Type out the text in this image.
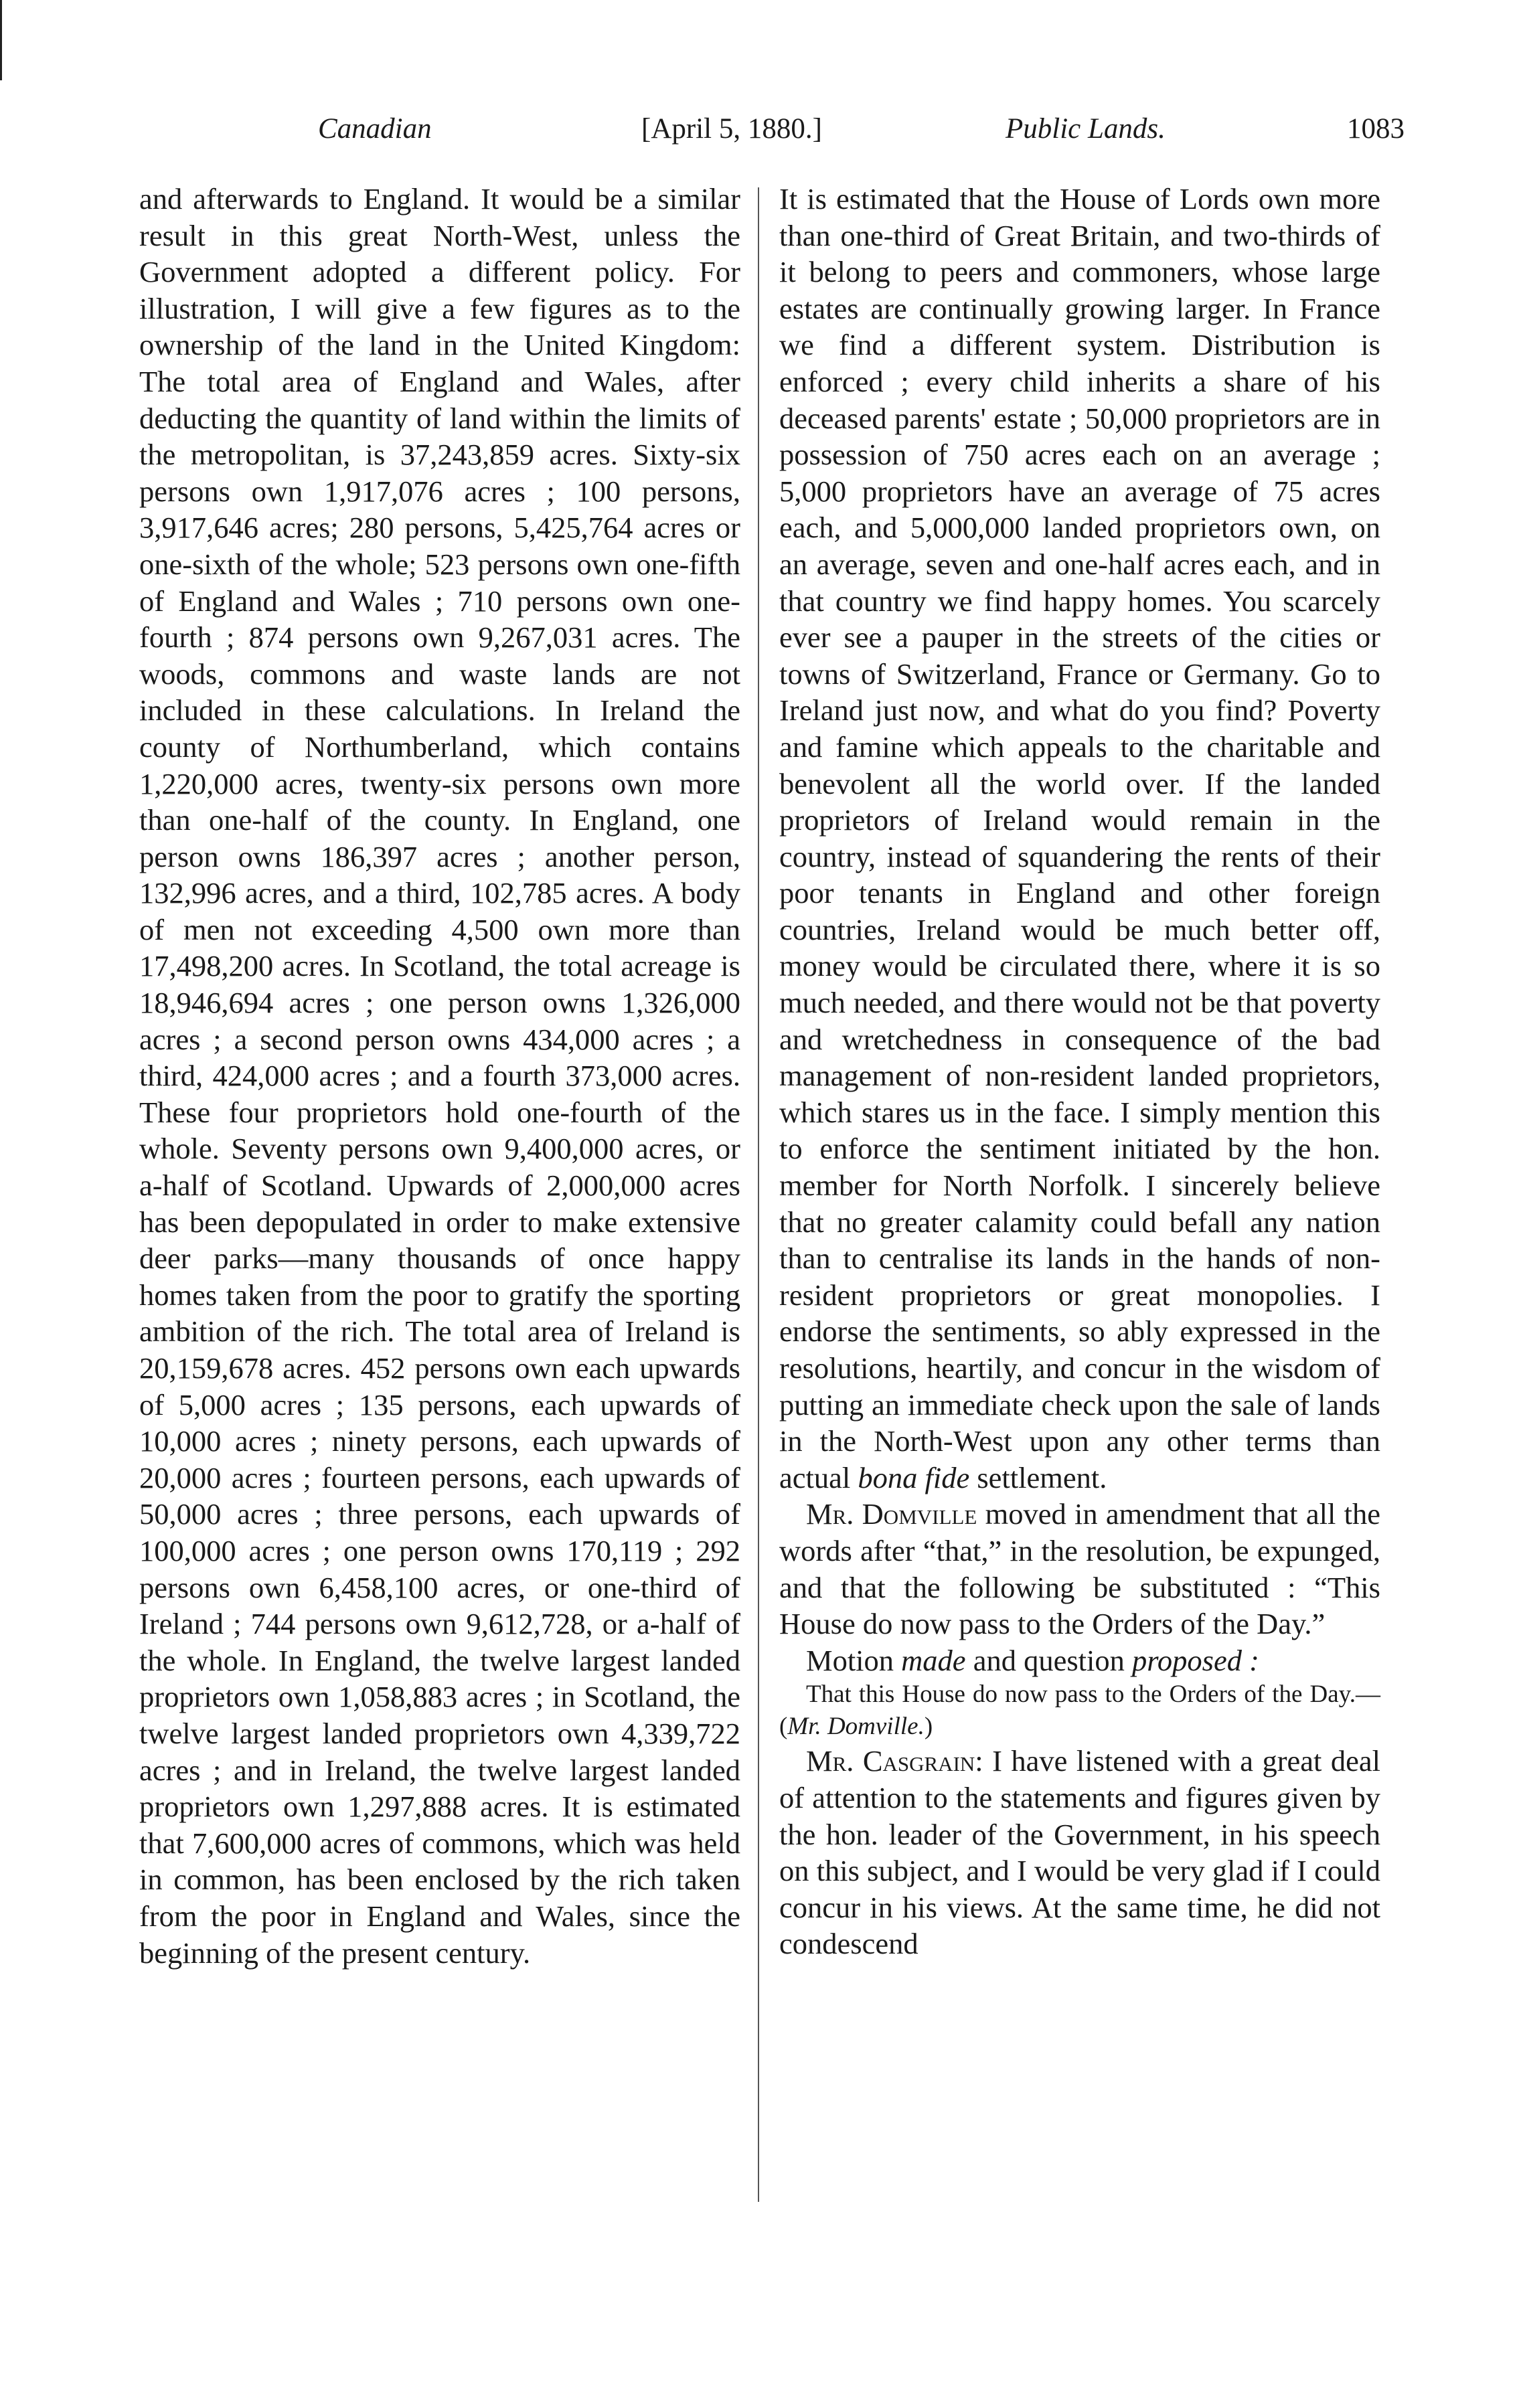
Canadian	[April 5, 1880.]	Public Lands.	1083

and afterwards to England. It would be a similar result in this great North-West, unless the Government adopted a different policy. For illustration, I will give a few figures as to the ownership of the land in the United Kingdom: The total area of England and Wales, after deducting the quantity of land within the limits of the metropolitan, is 37,243,859 acres. Sixty-six persons own 1,917,076 acres ; 100 persons, 3,917,646 acres; 280 persons, 5,425,764 acres or one-sixth of the whole; 523 persons own one-fifth of England and Wales ; 710 persons own one-fourth ; 874 persons own 9,267,031 acres. The woods, commons and waste lands are not included in these calculations. In Ireland the county of Northumberland, which contains 1,220,000 acres, twenty-six persons own more than one-half of the county. In England, one person owns 186,397 acres ; another person, 132,996 acres, and a third, 102,785 acres. A body of men not exceeding 4,500 own more than 17,498,200 acres. In Scotland, the total acreage is 18,946,694 acres ; one person owns 1,326,000 acres ; a second person owns 434,000 acres ; a third, 424,000 acres ; and a fourth 373,000 acres. These four proprietors hold one-fourth of the whole. Seventy persons own 9,400,000 acres, or a-half of Scotland. Upwards of 2,000,000 acres has been depopulated in order to make extensive deer parks—many thousands of once happy homes taken from the poor to gratify the sporting ambition of the rich. The total area of Ireland is 20,159,678 acres. 452 persons own each upwards of 5,000 acres ; 135 persons, each upwards of 10,000 acres ; ninety persons, each upwards of 20,000 acres ; fourteen persons, each upwards of 50,000 acres ; three persons, each upwards of 100,000 acres ; one person owns 170,119 ; 292 persons own 6,458,100 acres, or one-third of Ireland ; 744 persons own 9,612,728, or a-half of the whole. In England, the twelve largest landed proprietors own 1,058,883 acres ; in Scotland, the twelve largest landed proprietors own 4,339,722 acres ; and in Ireland, the twelve largest landed proprietors own 1,297,888 acres. It is estimated that 7,600,000 acres of commons, which was held in common, has been enclosed by the rich taken from the poor in England and Wales, since the beginning of the present century.

It is estimated that the House of Lords own more than one-third of Great Britain, and two-thirds of it belong to peers and commoners, whose large estates are continually growing larger. In France we find a different system. Distribution is enforced ; every child inherits a share of his deceased parents' estate ; 50,000 proprietors are in possession of 750 acres each on an average ; 5,000 proprietors have an average of 75 acres each, and 5,000,000 landed proprietors own, on an average, seven and one-half acres each, and in that country we find happy homes. You scarcely ever see a pauper in the streets of the cities or towns of Switzerland, France or Germany. Go to Ireland just now, and what do you find? Poverty and famine which appeals to the charitable and benevolent all the world over. If the landed proprietors of Ireland would remain in the country, instead of squandering the rents of their poor tenants in England and other foreign countries, Ireland would be much better off, money would be circulated there, where it is so much needed, and there would not be that poverty and wretchedness in consequence of the bad management of non-resident landed proprietors, which stares us in the face. I simply mention this to enforce the sentiment initiated by the hon. member for North Norfolk. I sincerely believe that no greater calamity could befall any nation than to centralise its lands in the hands of non-resident proprietors or great monopolies. I endorse the sentiments, so ably expressed in the resolutions, heartily, and concur in the wisdom of putting an immediate check upon the sale of lands in the North-West upon any other terms than actual bona fide settlement.

Mr. Domville moved in amendment that all the words after “that,” in the resolution, be expunged, and that the following be substituted : “This House do now pass to the Orders of the Day.”

Motion made and question proposed :

That this House do now pass to the Orders of the Day.—(Mr. Domville.)

Mr. Casgrain: I have listened with a great deal of attention to the statements and figures given by the hon. leader of the Government, in his speech on this subject, and I would be very glad if I could concur in his views. At the same time, he did not condescend
